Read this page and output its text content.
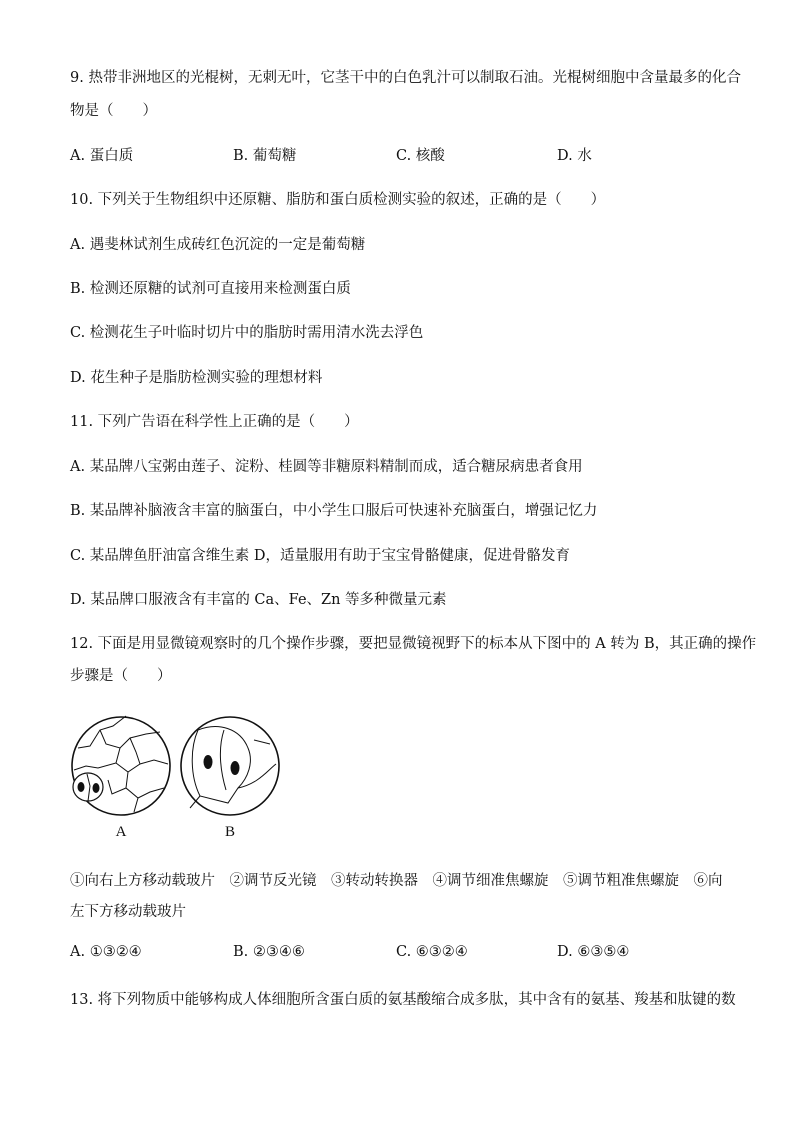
9. 热带非洲地区的光棍树，无刺无叶，它茎干中的白色乳汁可以制取石油。光棍树细胞中含量最多的化合
物是（　　）
A. 蛋白质	B. 葡萄糖	C. 核酸	D. 水
10. 下列关于生物组织中还原糖、脂肪和蛋白质检测实验的叙述，正确的是（　　）
A. 遇斐林试剂生成砖红色沉淀的一定是葡萄糖
B. 检测还原糖的试剂可直接用来检测蛋白质
C. 检测花生子叶临时切片中的脂肪时需用清水洗去浮色
D. 花生种子是脂肪检测实验的理想材料
11. 下列广告语在科学性上正确的是（　　）
A. 某品牌八宝粥由莲子、淀粉、桂圆等非糖原料精制而成，适合糖尿病患者食用
B. 某品牌补脑液含丰富的脑蛋白，中小学生口服后可快速补充脑蛋白，增强记忆力
C. 某品牌鱼肝油富含维生素 D，适量服用有助于宝宝骨骼健康，促进骨骼发育
D. 某品牌口服液含有丰富的 Ca、Fe、Zn 等多种微量元素
12. 下面是用显微镜观察时的几个操作步骤，要把显微镜视野下的标本从下图中的 A 转为 B，其正确的操作
步骤是（　　）
A	B
①向右上方移动载玻片　②调节反光镜　③转动转换器　④调节细准焦螺旋　⑤调节粗准焦螺旋　⑥向
左下方移动载玻片
A. ①③②④	B. ②③④⑥	C. ⑥③②④	D. ⑥③⑤④
13. 将下列物质中能够构成人体细胞所含蛋白质的氨基酸缩合成多肽，其中含有的氨基、羧基和肽键的数
